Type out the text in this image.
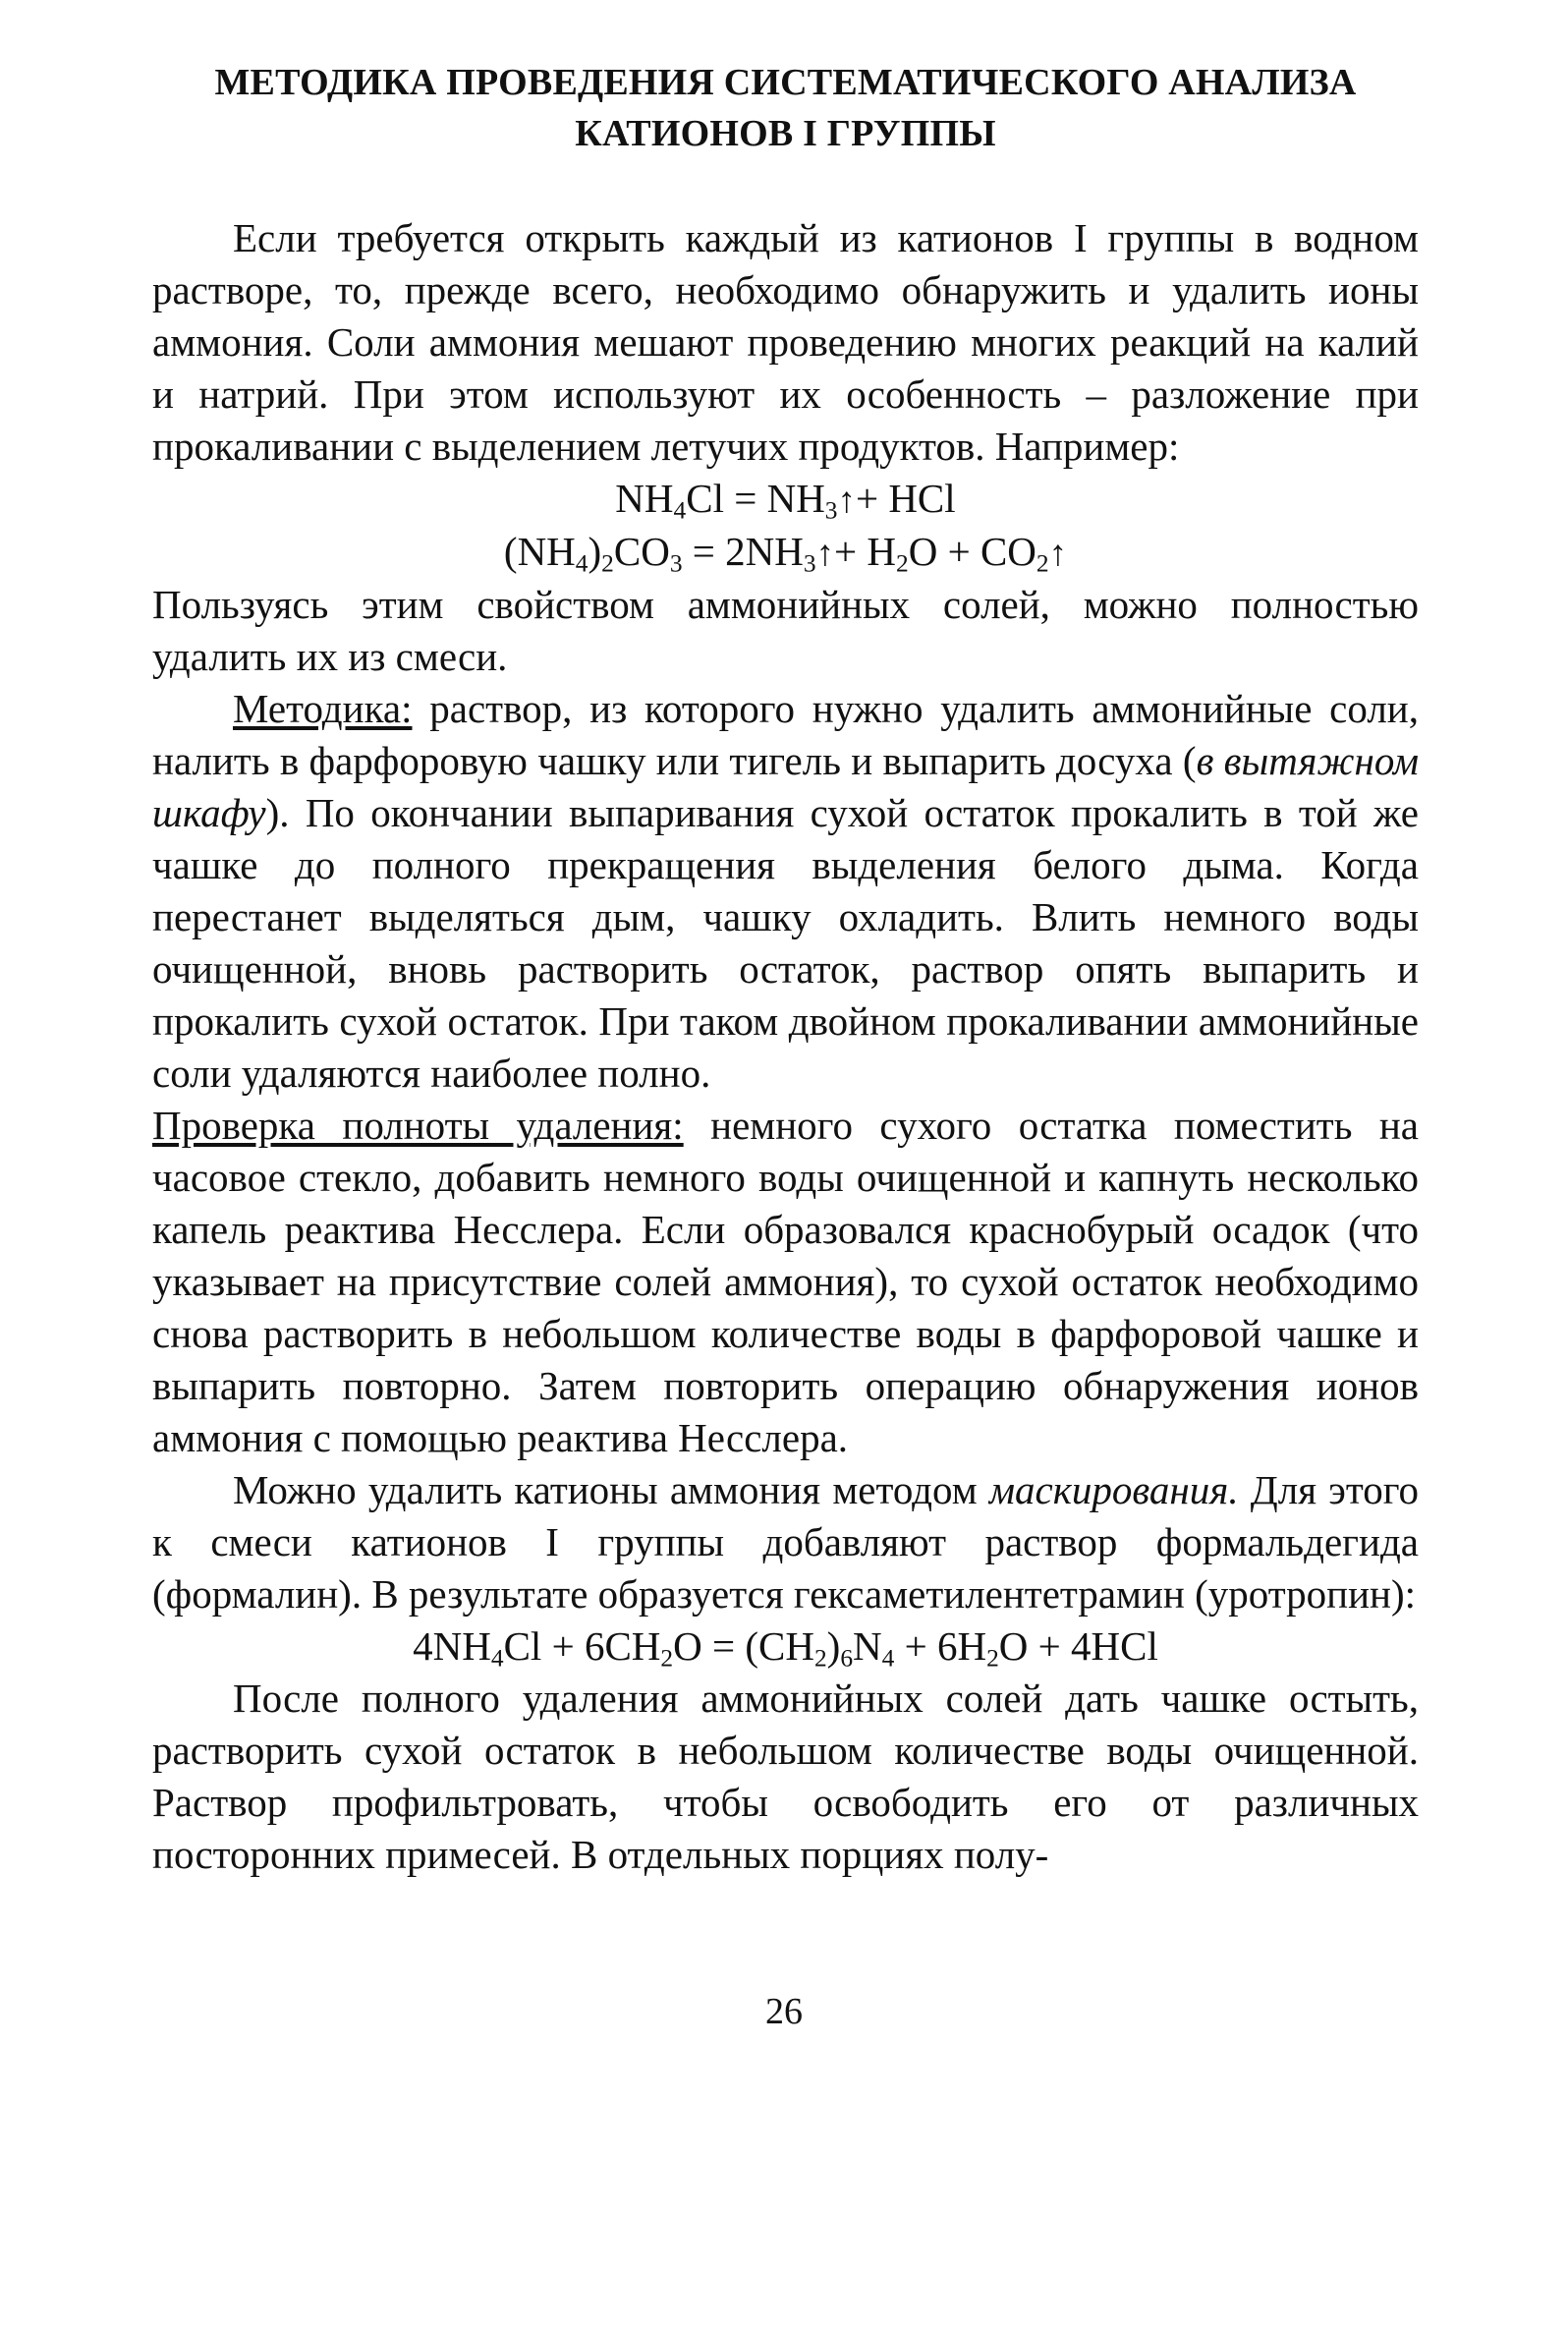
МЕТОДИКА ПРОВЕДЕНИЯ СИСТЕМАТИЧЕСКОГО АНАЛИЗА
КАТИОНОВ I ГРУППЫ

Если требуется открыть каждый из катионов I группы в водном растворе, то, прежде всего, необходимо обнаружить и удалить ионы аммония. Соли аммония мешают проведению многих реакций на калий и натрий. При этом используют их особенность – разложение при прокаливании с выделением летучих продуктов. Например:

$NH_4Cl$ = $NH_3↑+$ HCl
$(NH_4)_2CO_3$ = $2NH_3↑+ H_2O$ + $CO_2↑$

Пользуясь этим свойством аммонийных солей, можно полностью удалить их из смеси.

Методика: раствор, из которого нужно удалить аммонийные соли, налить в фарфоровую чашку или тигель и выпарить досуха (в вытяжном шкафу). По окончании выпаривания сухой остаток прокалить в той же чашке до полного прекращения выделения белого дыма. Когда перестанет выделяться дым, чашку охладить. Влить немного воды очищенной, вновь растворить остаток, раствор опять выпарить и прокалить сухой остаток. При таком двойном прокаливании аммонийные соли удаляются наиболее полно.

Проверка полноты удаления: немного сухого остатка поместить на часовое стекло, добавить немного воды очищенной и капнуть несколько капель реактива Несслера. Если образовался краснобурый осадок (что указывает на присутствие солей аммония), то сухой остаток необходимо снова растворить в небольшом количестве воды в фарфоровой чашке и выпарить повторно. Затем повторить операцию обнаружения ионов аммония с помощью реактива Несслера.

Можно удалить катионы аммония методом маскирования. Для этого к смеси катионов I группы добавляют раствор формальдегида (формалин). В результате образуется гексаметилентетрамин (уротропин):

$4NH_4Cl + 6CH_2O = (CH_2)_6N_4 + 6H_2O + 4HCl$

После полного удаления аммонийных солей дать чашке остыть, растворить сухой остаток в небольшом количестве воды очищенной. Раствор профильтровать, чтобы освободить его от различных посторонних примесей. В отдельных порциях полу-

26
